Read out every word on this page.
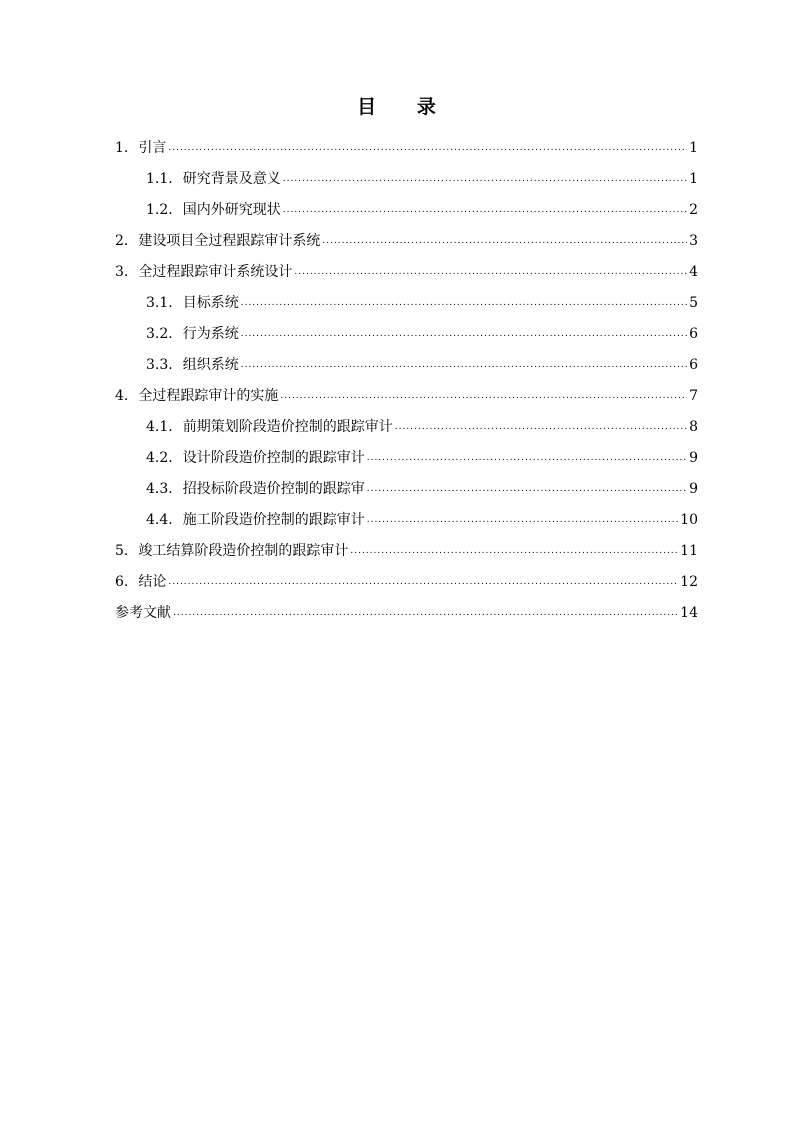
目 录
1. 引言 .....	1
1.1. 研究背景及意义 .....	1
1.2. 国内外研究现状 .....	2
2. 建设项目全过程跟踪审计系统 .....	3
3. 全过程跟踪审计系统设计 .....	4
3.1. 目标系统 .....	5
3.2. 行为系统 .....	6
3.3. 组织系统 .....	6
4. 全过程跟踪审计的实施 .....	7
4.1. 前期策划阶段造价控制的跟踪审计 .....	8
4.2. 设计阶段造价控制的跟踪审计 .....	9
4.3. 招投标阶段造价控制的跟踪审 .....	9
4.4. 施工阶段造价控制的跟踪审计 .....	10
5. 竣工结算阶段造价控制的跟踪审计 .....	11
6. 结论 .....	12
参考文献 .....	14
